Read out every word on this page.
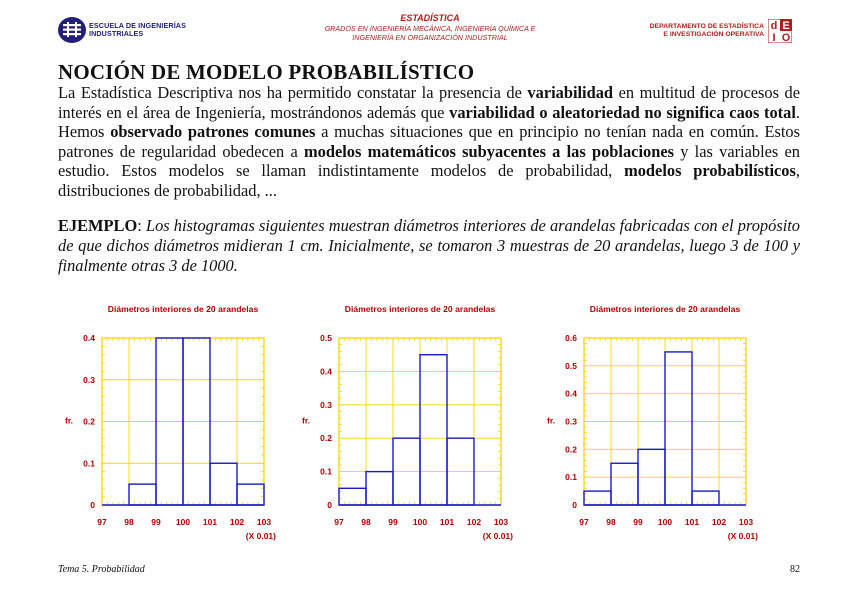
ESCUELA DE INGENIERÍAS
INDUSTRIALES
ESTADÍSTICA
GRADOS EN INGENIERÍA MECÁNICA, INGENIERÍA QUÍMICA E
INGENIERÍA EN ORGANIZACIÓN INDUSTRIAL
DEPARTAMENTO DE ESTADÍSTICA
E INVESTIGACIÓN OPERATIVA
d E
I O
NOCIÓN DE MODELO PROBABILÍSTICO
La Estadística Descriptiva nos ha permitido constatar la presencia de variabilidad en multitud de procesos de interés en el área de Ingeniería, mostrándonos además que variabilidad o aleatoriedad no significa caos total. Hemos observado patrones comunes a muchas situaciones que en principio no tenían nada en común. Estos patrones de regularidad obedecen a modelos matemáticos subyacentes a las poblaciones y las variables en estudio. Estos modelos se llaman indistintamente modelos de probabilidad, modelos probabilísticos, distribuciones de probabilidad, ...
EJEMPLO: Los histogramas siguientes muestran diámetros interiores de arandelas fabricadas con el propósito de que dichos diámetros midieran 1 cm. Inicialmente, se tomaron 3 muestras de 20 arandelas, luego 3 de 100 y finalmente otras 3 de 1000.
Diámetros interiores de 20 arandelas
0
0.1
0.2
0.3
0.4
97 98 99 100 101 102 103
(X 0.01)
fr.
Diámetros interiores de 20 arandelas
0
0.1
0.2
0.3
0.4
0.5
97 98 99 100 101 102 103
(X 0.01)
fr.
Diámetros interiores de 20 arandelas
0
0.1
0.2
0.3
0.4
0.5
0.6
97 98 99 100 101 102 103
(X 0.01)
fr.
Tema 5. Probabilidad	82
